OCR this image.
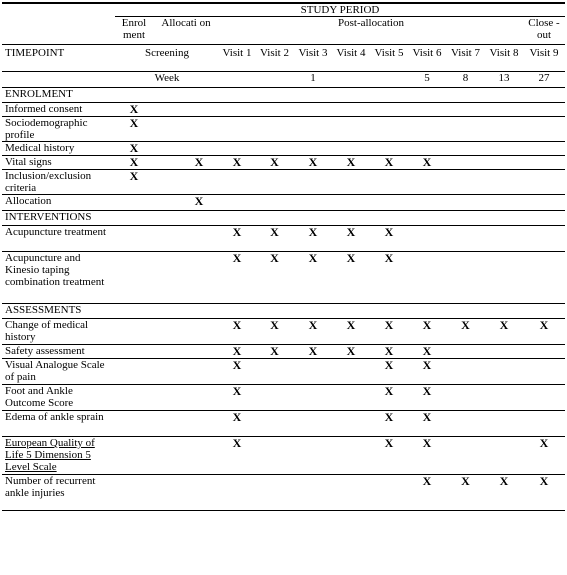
	STUDY PERIOD											
	Enrol ment	Allocati on		Post-allocation								Close -out
TIMEPOINT	Screening			Visit 1	Visit 2	Visit 3	Visit 4	Visit 5	Visit 6	Visit 7	Visit 8	Visit 9
	Week					1			5	8	13	27
ENROLMENT												
Informed consent	X											
Sociodemographic profile	X											
Medical history	X											
Vital signs	X		X	X	X	X	X	X	X			
Inclusion/exclusion criteria	X											
Allocation			X									
INTERVENTIONS												
Acupuncture treatment				X	X	X	X	X				
Acupuncture and Kinesio taping combination treatment				X	X	X	X	X				
ASSESSMENTS												
Change of medical history				X	X	X	X	X	X	X	X	X
Safety assessment				X	X	X	X	X	X			
Visual Analogue Scale of pain				X				X	X			
Foot and Ankle Outcome Score				X				X	X			
Edema of ankle sprain				X				X	X			
European Quality of Life 5 Dimension 5 Level Scale				X				X	X			X
Number of recurrent ankle injuries									X	X	X	X
